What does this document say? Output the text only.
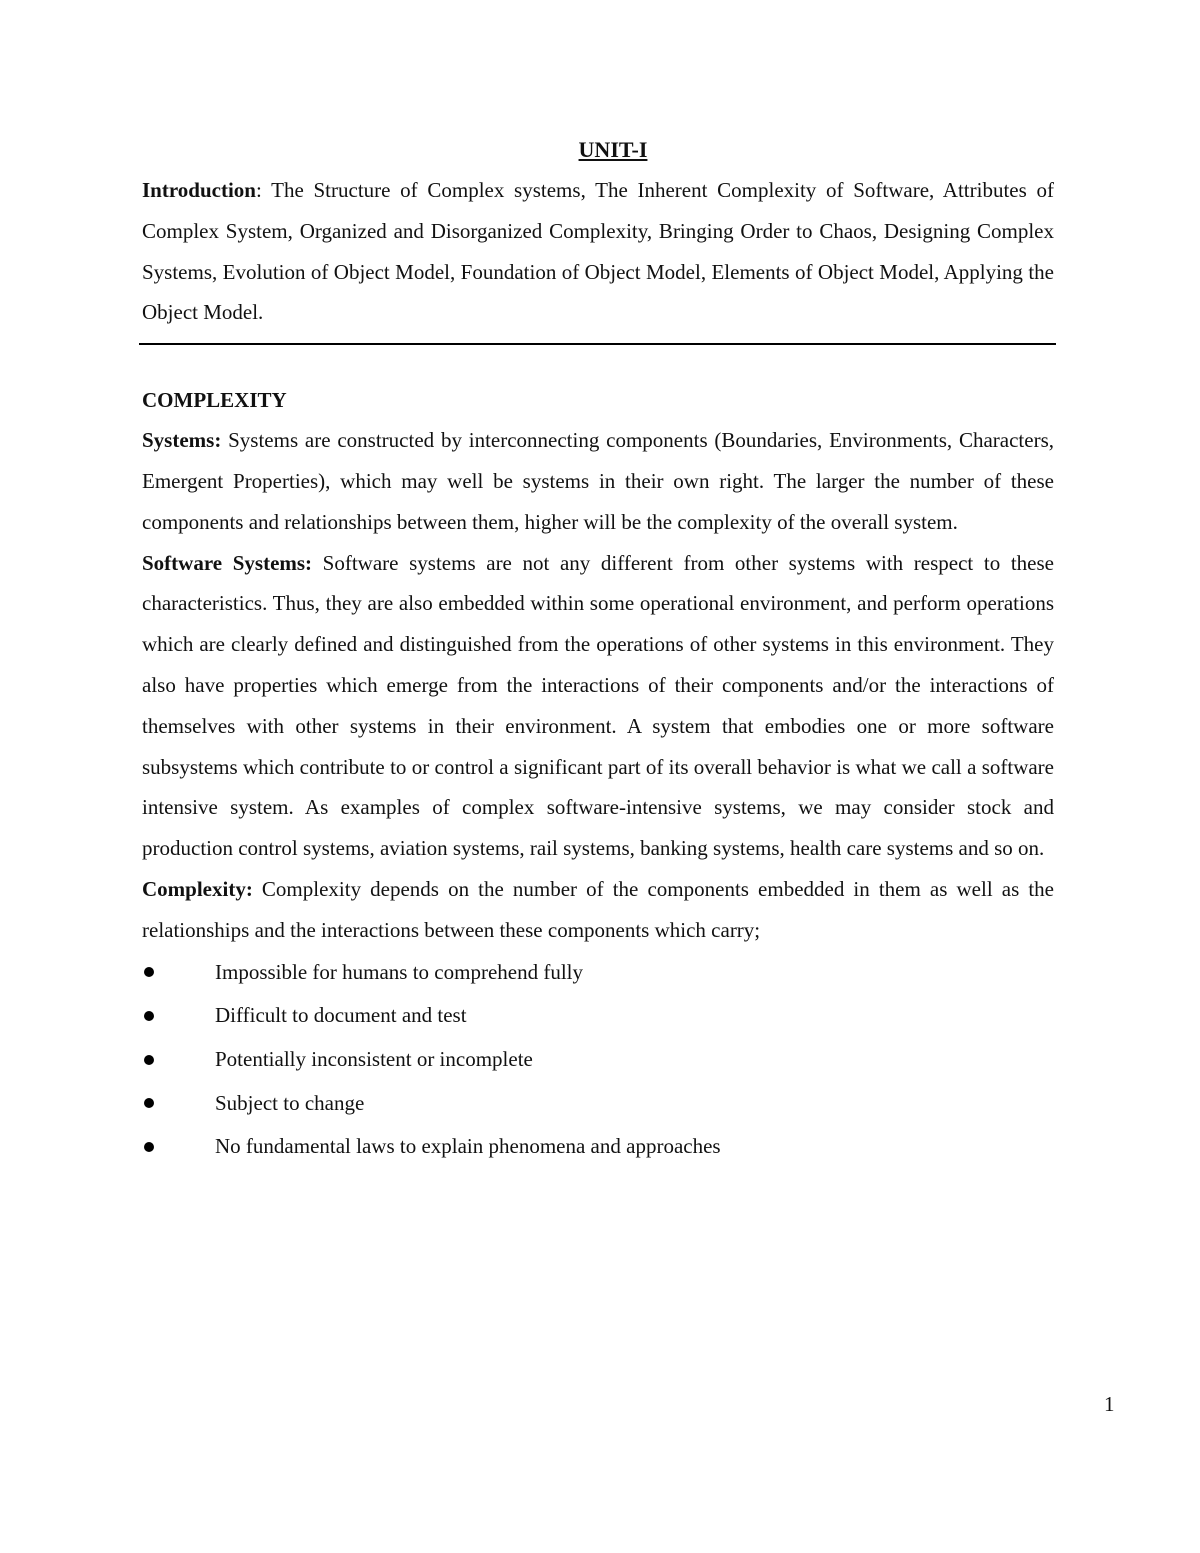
UNIT-I

Introduction: The Structure of Complex systems, The Inherent Complexity of Software, Attributes of Complex System, Organized and Disorganized Complexity, Bringing Order to Chaos, Designing Complex Systems, Evolution of Object Model, Foundation of Object Model, Elements of Object Model, Applying the Object Model.

COMPLEXITY

Systems: Systems are constructed by interconnecting components (Boundaries, Environments, Characters, Emergent Properties), which may well be systems in their own right. The larger the number of these components and relationships between them, higher will be the complexity of the overall system.

Software Systems: Software systems are not any different from other systems with respect to these characteristics. Thus, they are also embedded within some operational environment, and perform operations which are clearly defined and distinguished from the operations of other systems in this environment. They also have properties which emerge from the interactions of their components and/or the interactions of themselves with other systems in their environment. A system that embodies one or more software subsystems which contribute to or control a significant part of its overall behavior is what we call a software intensive system. As examples of complex software-intensive systems, we may consider stock and production control systems, aviation systems, rail systems, banking systems, health care systems and so on.

Complexity: Complexity depends on the number of the components embedded in them as well as the relationships and the interactions between these components which carry;

Impossible for humans to comprehend fully
Difficult to document and test
Potentially inconsistent or incomplete
Subject to change
No fundamental laws to explain phenomena and approaches
1
